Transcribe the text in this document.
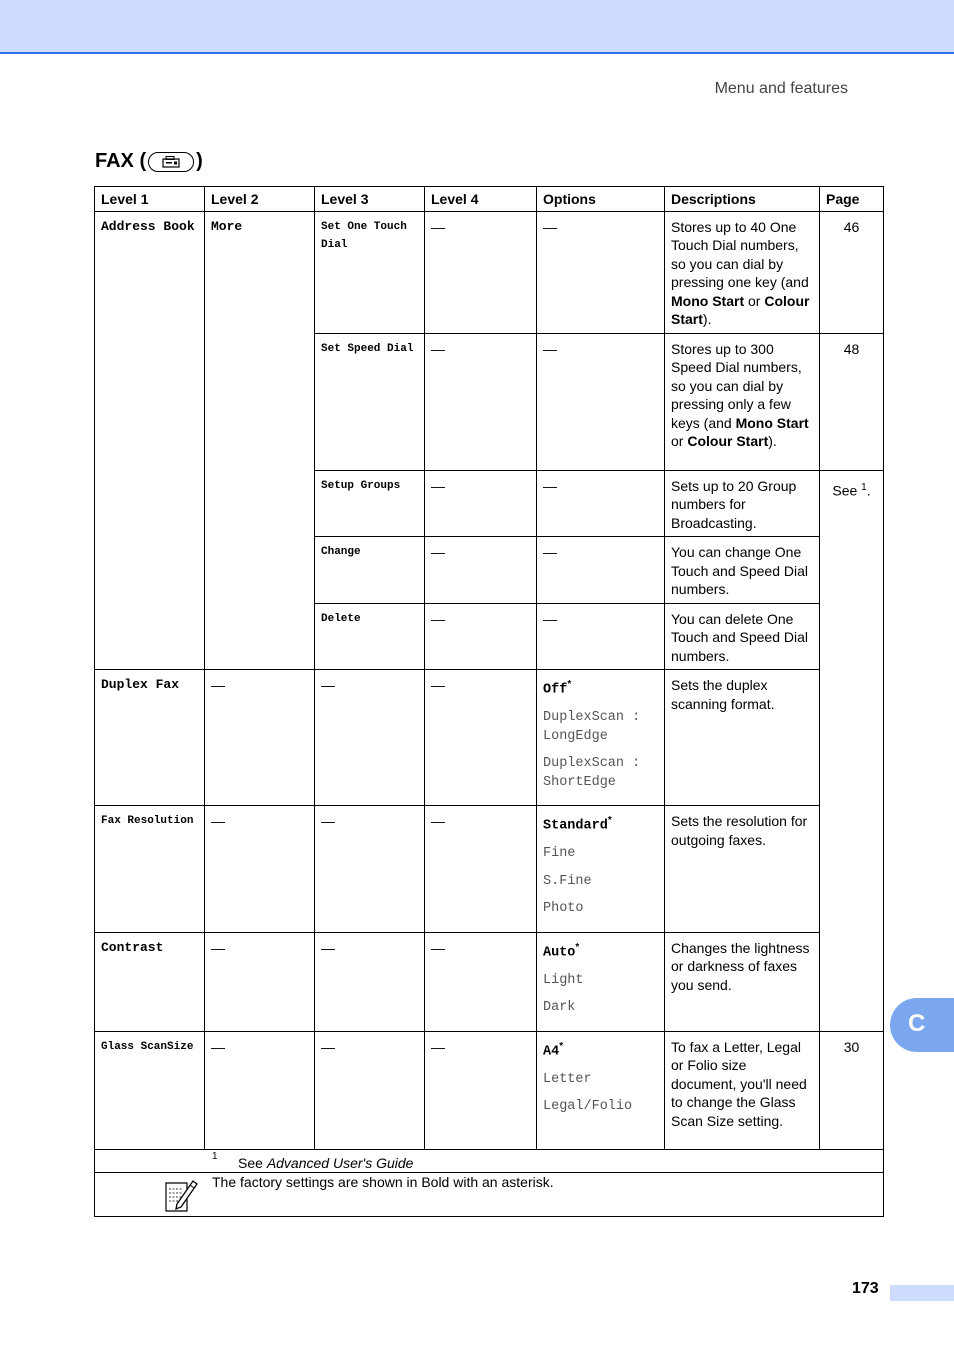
Menu and features
FAX (	)
Level 1	Level 2	Level 3	Level 4	Options	Descriptions	Page
Address Book	More	Set One Touch Dial	—	—	Stores up to 40 One Touch Dial numbers, so you can dial by pressing one key (and Mono Start or Colour Start).	46
		Set Speed Dial	—	—	Stores up to 300 Speed Dial numbers, so you can dial by pressing only a few keys (and Mono Start or Colour Start).	48
		Setup Groups	—	—	Sets up to 20 Group numbers for Broadcasting.	See $^1$.
		Change	—	—	You can change One Touch and Speed Dial numbers.	
		Delete	—	—	You can delete One Touch and Speed Dial numbers.	
Duplex Fax	—	—	—	Off*
DuplexScan : LongEdge
DuplexScan : ShortEdge	Sets the duplex scanning format.	
Fax Resolution	—	—	—	Standard*
Fine
S.Fine
Photo	Sets the resolution for outgoing faxes.	
Contrast	—	—	—	Auto*
Light
Dark	Changes the lightness or darkness of faxes you send.	
Glass ScanSize	—	—	—	A4*
Letter
Legal/Folio	To fax a Letter, Legal or Folio size document, you'll need to change the Glass Scan Size setting.	30

1 See Advanced User's Guide						

The factory settings are shown in Bold with an asterisk.						
C
173
